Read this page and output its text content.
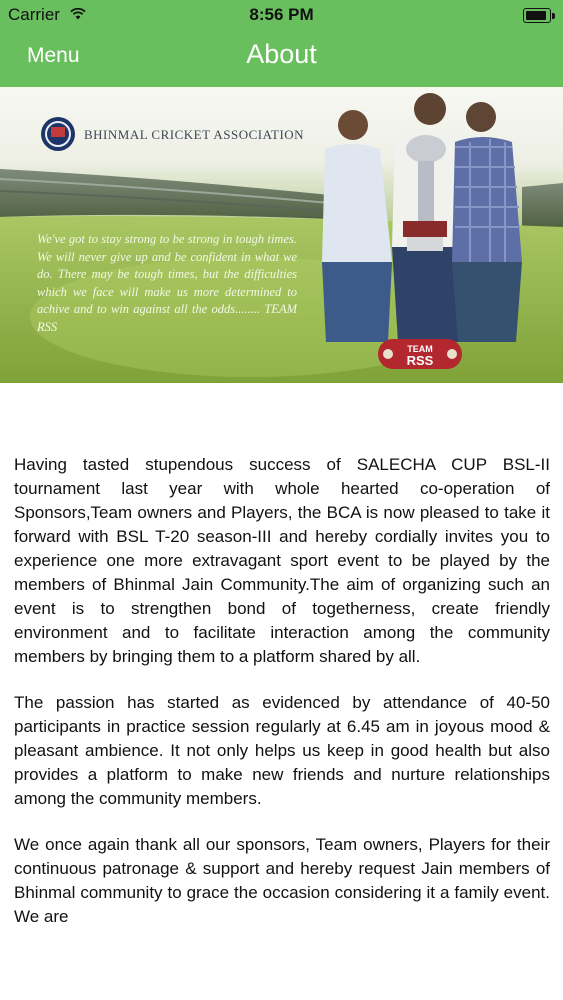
Carrier	8:56 PM
Menu	About
BHINMAL CRICKET ASSOCIATION
We've got to stay strong to be strong in tough times. We will never give up and be confident in what we do. There may be tough times, but the difficulties which we face will make us more determined to achive and to win against all the odds........ TEAM RSS
TEAM
RSS

Having tasted stupendous success of SALECHA CUP BSL-II tournament last year with whole hearted co-operation of Sponsors,Team owners and Players, the BCA is now pleased to take it forward with BSL T-20 season-III and hereby cordially invites you to experience one more extravagant sport event to be played by the members of Bhinmal Jain Community.The aim of organizing such an event is to strengthen bond of togetherness, create friendly environment and to facilitate interaction among the community members by bringing them to a platform shared by all.

The passion has started as evidenced by attendance of 40-50 participants in practice session regularly at 6.45 am in joyous mood & pleasant ambience. It not only helps us keep in good health but also provides a platform to make new friends and nurture relationships among the community members.

We once again thank all our sponsors, Team owners, Players for their continuous patronage & support and hereby request Jain members of Bhinmal community to grace the occasion considering it a family event. We are
